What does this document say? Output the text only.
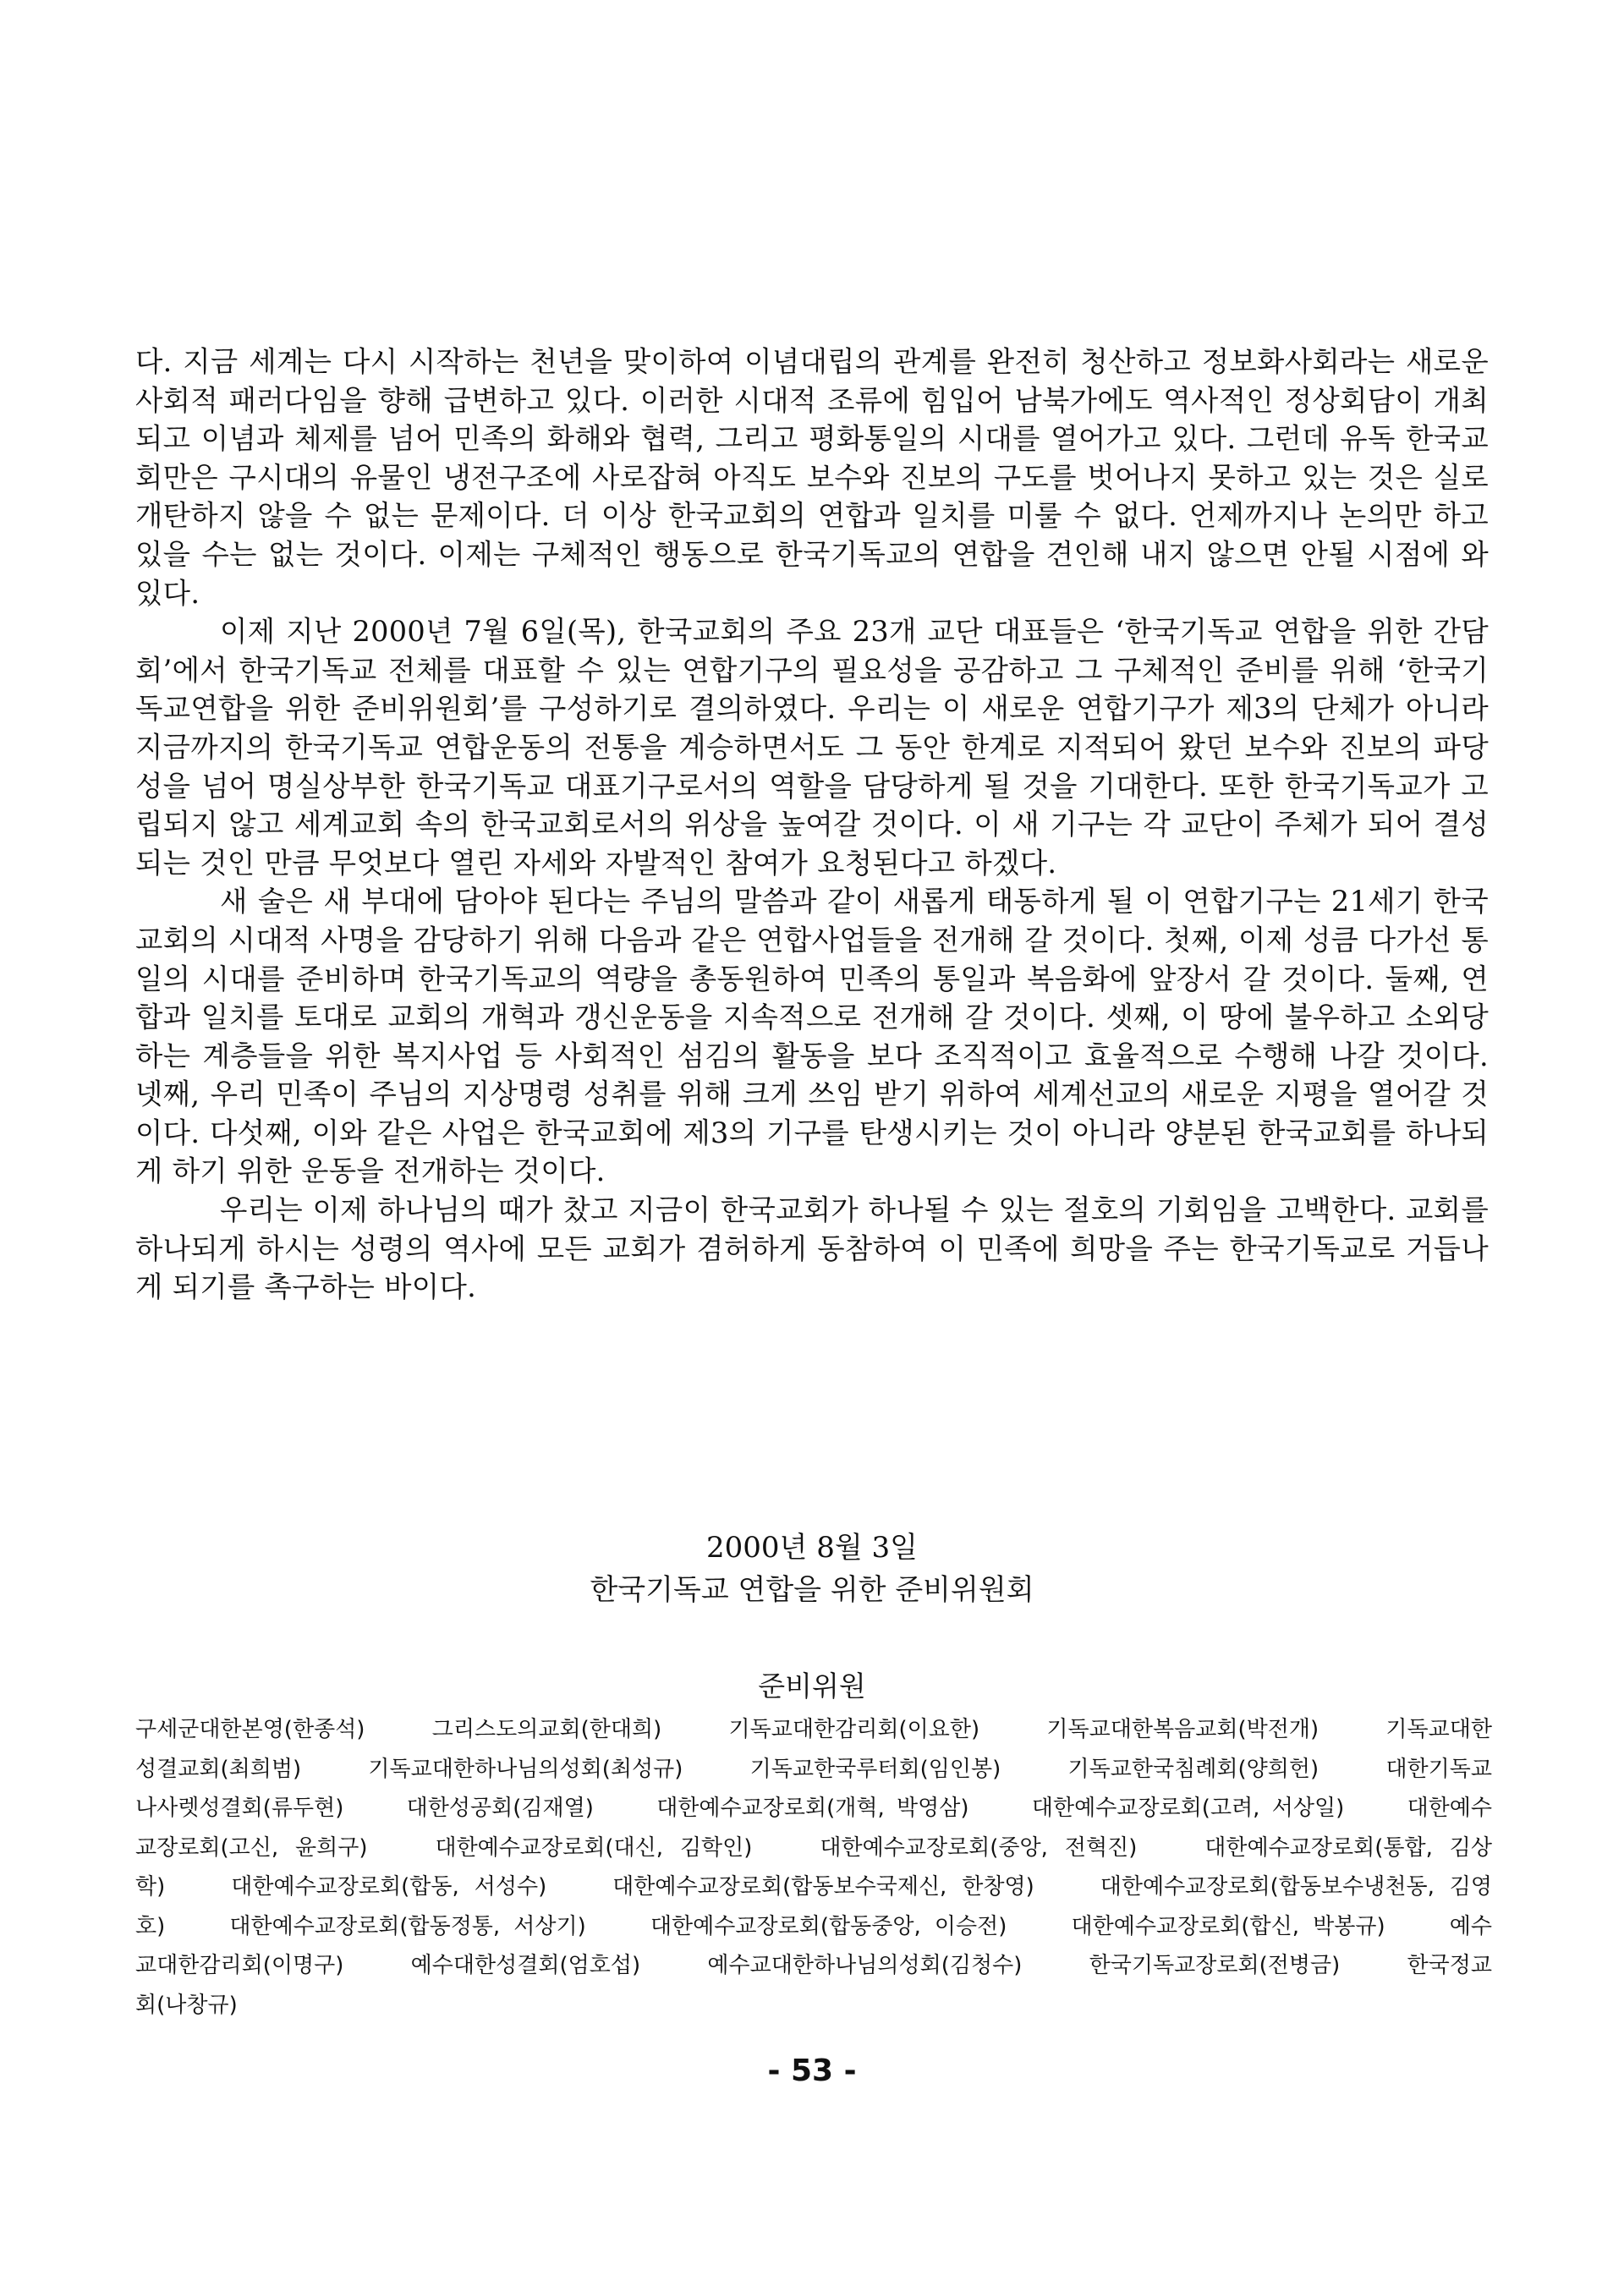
다. 지금 세계는 다시 시작하는 천년을 맞이하여 이념대립의 관계를 완전히 청산하고 정보화사회라는 새로운 사회적 패러다임을 향해 급변하고 있다. 이러한 시대적 조류에 힘입어 남북가에도 역사적인 정상회담이 개최되고 이념과 체제를 넘어 민족의 화해와 협력, 그리고 평화통일의 시대를 열어가고 있다. 그런데 유독 한국교회만은 구시대의 유물인 냉전구조에 사로잡혀 아직도 보수와 진보의 구도를 벗어나지 못하고 있는 것은 실로 개탄하지 않을 수 없는 문제이다. 더 이상 한국교회의 연합과 일치를 미룰 수 없다. 언제까지나 논의만 하고 있을 수는 없는 것이다. 이제는 구체적인 행동으로 한국기독교의 연합을 견인해 내지 않으면 안될 시점에 와 있다.

이제 지난 2000년 7월 6일(목), 한국교회의 주요 23개 교단 대표들은 ‘한국기독교 연합을 위한 간담회’에서 한국기독교 전체를 대표할 수 있는 연합기구의 필요성을 공감하고 그 구체적인 준비를 위해 ‘한국기독교연합을 위한 준비위원회’를 구성하기로 결의하였다. 우리는 이 새로운 연합기구가 제3의 단체가 아니라 지금까지의 한국기독교 연합운동의 전통을 계승하면서도 그 동안 한계로 지적되어 왔던 보수와 진보의 파당성을 넘어 명실상부한 한국기독교 대표기구로서의 역할을 담당하게 될 것을 기대한다. 또한 한국기독교가 고립되지 않고 세계교회 속의 한국교회로서의 위상을 높여갈 것이다. 이 새 기구는 각 교단이 주체가 되어 결성되는 것인 만큼 무엇보다 열린 자세와 자발적인 참여가 요청된다고 하겠다.

새 술은 새 부대에 담아야 된다는 주님의 말씀과 같이 새롭게 태동하게 될 이 연합기구는 21세기 한국교회의 시대적 사명을 감당하기 위해 다음과 같은 연합사업들을 전개해 갈 것이다. 첫째, 이제 성큼 다가선 통일의 시대를 준비하며 한국기독교의 역량을 총동원하여 민족의 통일과 복음화에 앞장서 갈 것이다. 둘째, 연합과 일치를 토대로 교회의 개혁과 갱신운동을 지속적으로 전개해 갈 것이다. 셋째, 이 땅에 불우하고 소외당하는 계층들을 위한 복지사업 등 사회적인 섬김의 활동을 보다 조직적이고 효율적으로 수행해 나갈 것이다. 넷째, 우리 민족이 주님의 지상명령 성취를 위해 크게 쓰임 받기 위하여 세계선교의 새로운 지평을 열어갈 것이다. 다섯째, 이와 같은 사업은 한국교회에 제3의 기구를 탄생시키는 것이 아니라 양분된 한국교회를 하나되게 하기 위한 운동을 전개하는 것이다.

우리는 이제 하나님의 때가 찼고 지금이 한국교회가 하나될 수 있는 절호의 기회임을 고백한다. 교회를 하나되게 하시는 성령의 역사에 모든 교회가 겸허하게 동참하여 이 민족에 희망을 주는 한국기독교로 거듭나게 되기를 촉구하는 바이다.

2000년 8월 3일
한국기독교 연합을 위한 준비위원회
준비위원
구세군대한본영(한종석)	그리스도의교회(한대희)	기독교대한감리회(이요한)	기독교대한복음교회(박전개)	기독교대한성결교회(최희범)	기독교대한하나님의성회(최성규)	기독교한국루터회(임인봉)	기독교한국침례회(양희헌)	대한기독교나사렛성결회(류두현)	대한성공회(김재열)	대한예수교장로회(개혁, 박영삼)	대한예수교장로회(고려, 서상일)	대한예수교장로회(고신, 윤희구)	대한예수교장로회(대신, 김학인)	대한예수교장로회(중앙, 전혁진)	대한예수교장로회(통합, 김상학)	대한예수교장로회(합동, 서성수)	대한예수교장로회(합동보수국제신, 한창영)	대한예수교장로회(합동보수냉천동, 김영호)	대한예수교장로회(합동정통, 서상기)	대한예수교장로회(합동중앙, 이승전)	대한예수교장로회(합신, 박봉규)	예수교대한감리회(이명구)	예수대한성결회(엄호섭)	예수교대한하나님의성회(김청수)	한국기독교장로회(전병금)	한국정교회(나창규)
- 53 -
